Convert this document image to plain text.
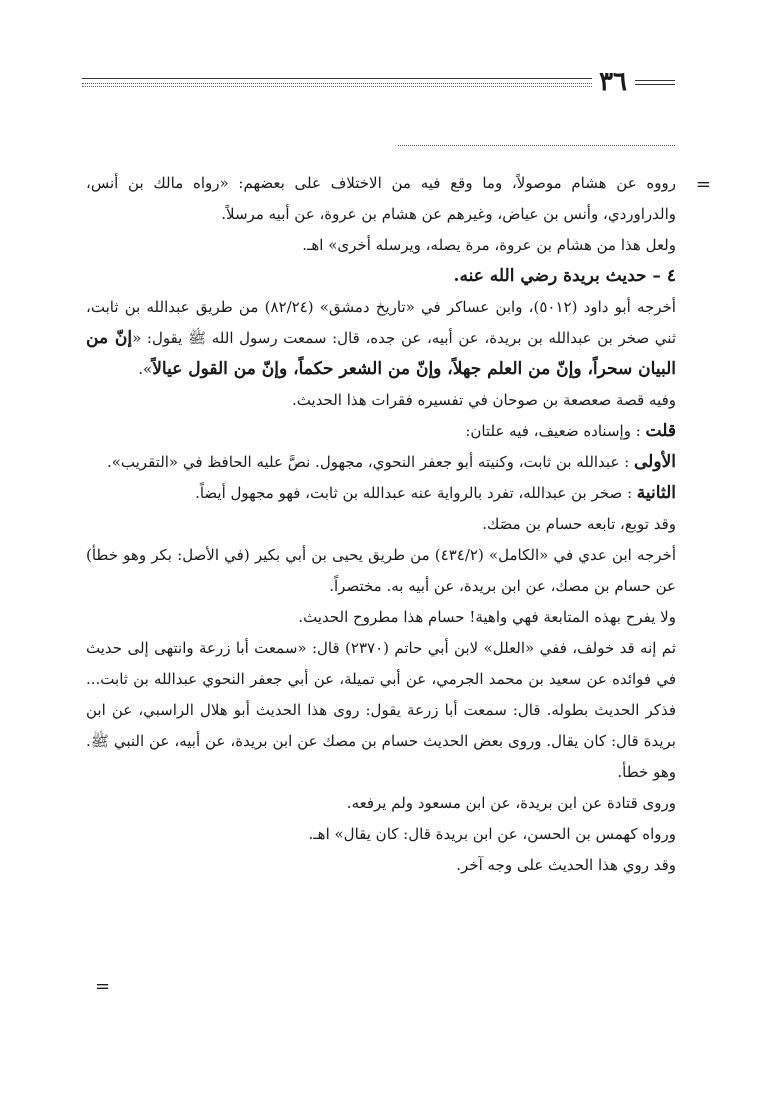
٣٦
=

رووه عن هشام موصولاً، وما وقع فيه من الاختلاف على بعضهم: «رواه مالك بن أنس، والدراوردي، وأنس بن عياض، وغيرهم عن هشام بن عروة، عن أبيه مرسلاً.

ولعل هذا من هشام بن عروة، مرة يصله، ويرسله أخرى» اهـ.

٤ – حديث بريدة رضي الله عنه.

أخرجه أبو داود (٥٠١٢)، وابن عساكر في «تاريخ دمشق» (٨٢/٢٤) من طريق عبدالله بن ثابت، ثني صخر بن عبدالله بن بريدة، عن أبيه، عن جده، قال: سمعت رسول الله ﷺ يقول: «إنّ من البيان سحراً، وإنّ من العلم جهلاً، وإنّ من الشعر حكماً، وإنّ من القول عيالاً».

وفيه قصة صعصعة بن صوحان في تفسيره فقرات هذا الحديث.

قلت : وإسناده ضعيف، فيه علتان:

الأولى : عبدالله بن ثابت، وكنيته أبو جعفر النحوي، مجهول. نصَّ عليه الحافظ في «التقريب».

الثانية : صخر بن عبدالله، تفرد بالرواية عنه عبدالله بن ثابت، فهو مجهول أيضاً.

وقد توبع، تابعه حسام بن مصَك.

أخرجه ابن عدي في «الكامل» (٤٣٤/٢) من طريق يحيى بن أبي بكير (في الأصل: بكر وهو خطأ) عن حسام بن مصك، عن ابن بريدة، عن أبيه به. مختصراً.

ولا يفرح بهذه المتابعة فهي واهية! حسام هذا مطروح الحديث.

ثم إنه قد خولف، ففي «العلل» لابن أبي حاتم (٢٣٧٠) قال: «سمعت أبا زرعة وانتهى إلى حديث في فوائده عن سعيد بن محمد الجرمي، عن أبي تميلة، عن أبي جعفر النحوي عبدالله بن ثابت... فذكر الحديث بطوله. قال: سمعت أبا زرعة يقول: روى هذا الحديث أبو هلال الراسبي، عن ابن بريدة قال: كان يقال. وروى بعض الحديث حسام بن مصك عن ابن بريدة، عن أبيه، عن النبي ﷺ. وهو خطأ.

وروى قتادة عن ابن بريدة، عن ابن مسعود ولم يرفعه.

ورواه كهمس بن الحسن، عن ابن بريدة قال: كان يقال» اهـ.

وقد روي هذا الحديث على وجه آخر.

=
